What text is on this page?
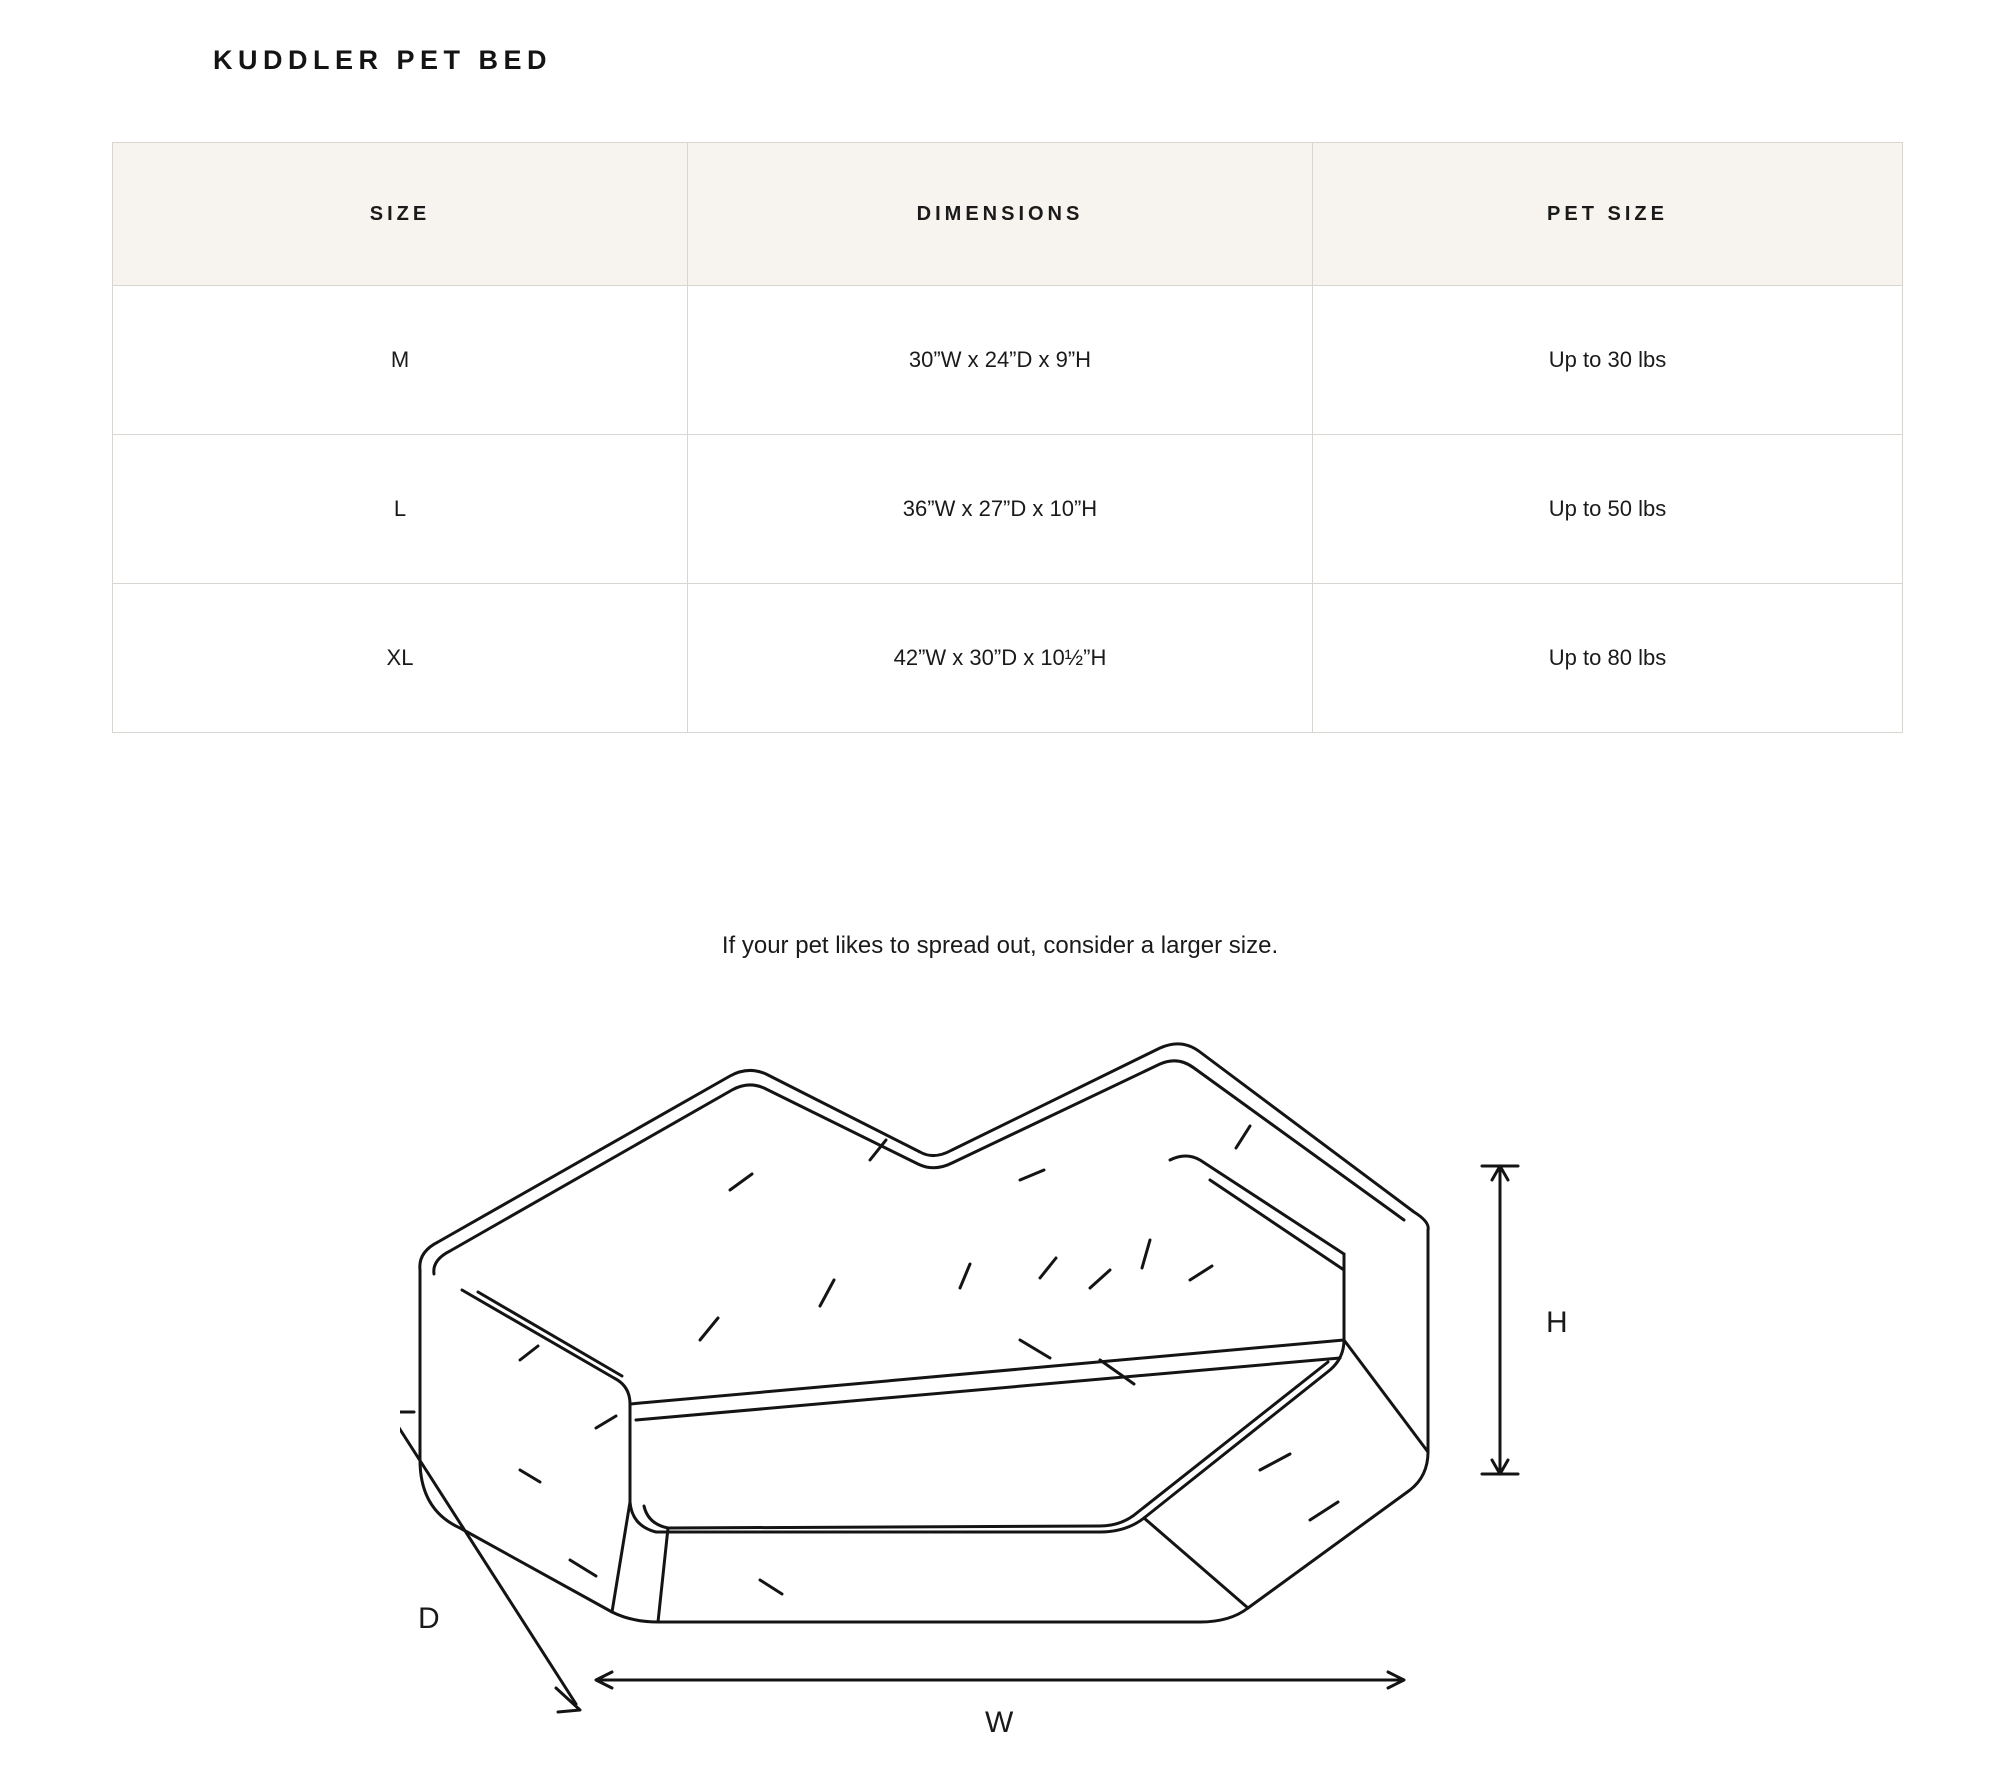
KUDDLER PET BED
SIZE	DIMENSIONS	PET SIZE
M	30”W x 24”D x 9”H	Up to 30 lbs
L	36”W x 27”D x 10”H	Up to 50 lbs
XL	42”W x 30”D x 10½”H	Up to 80 lbs
If your pet likes to spread out, consider a larger size.
H
W
D
